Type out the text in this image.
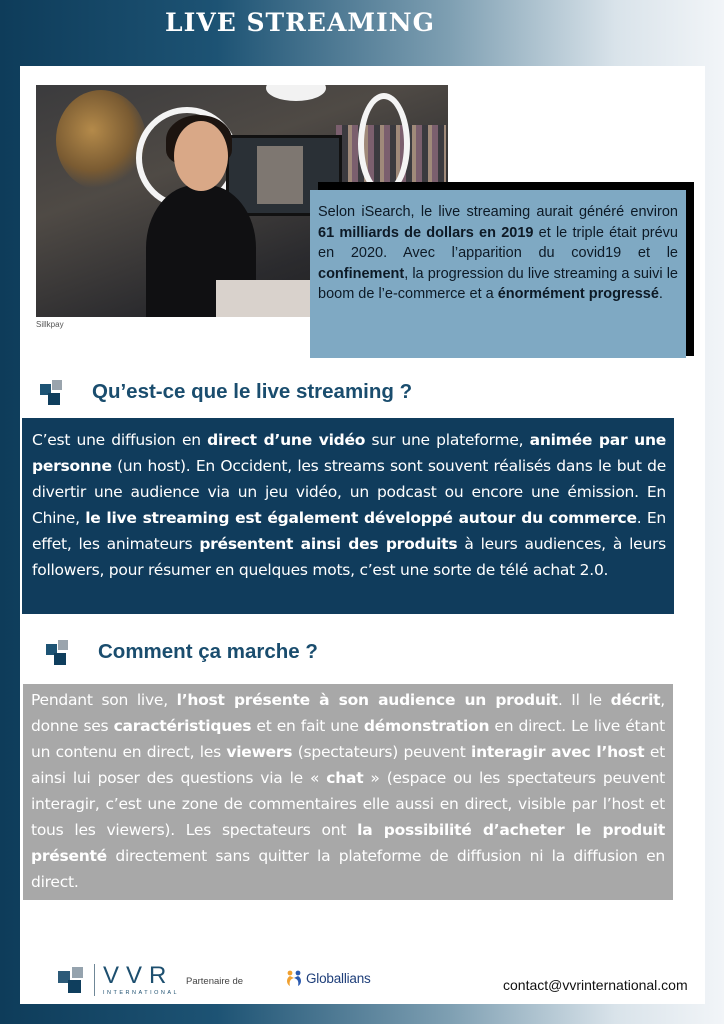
LIVE STREAMING
Sillkpay
Selon iSearch, le live streaming aurait généré environ 61 milliards de dollars en 2019 et le triple était prévu en 2020. Avec l’apparition du covid19 et le confinement, la progression du live streaming a suivi le boom de l’e-commerce et a énormément progressé.
Qu’est-ce que le live streaming ?
C’est une diffusion en direct d’une vidéo sur une plateforme, animée par une personne (un host). En Occident, les streams sont souvent réalisés dans le but de divertir une audience via un jeu vidéo, un podcast ou encore une émission. En Chine, le live streaming est également développé autour du commerce. En effet, les animateurs présentent ainsi des produits à leurs audiences, à leurs followers, pour résumer en quelques mots, c’est une sorte de télé achat 2.0.
Comment ça marche ?
Pendant son live, l’host présente à son audience un produit. Il le décrit, donne ses caractéristiques et en fait une démonstration en direct. Le live étant un contenu en direct, les viewers (spectateurs) peuvent interagir avec l’host et ainsi lui poser des questions via le « chat » (espace ou les spectateurs peuvent interagir, c’est une zone de commentaires elle aussi en direct, visible par l’host et tous les viewers). Les spectateurs ont la possibilité d’acheter le produit présenté directement sans quitter la plateforme de diffusion ni la diffusion en direct.
VVR
INTERNATIONAL
Partenaire de	Globallians	contact@vvrinternational.com
